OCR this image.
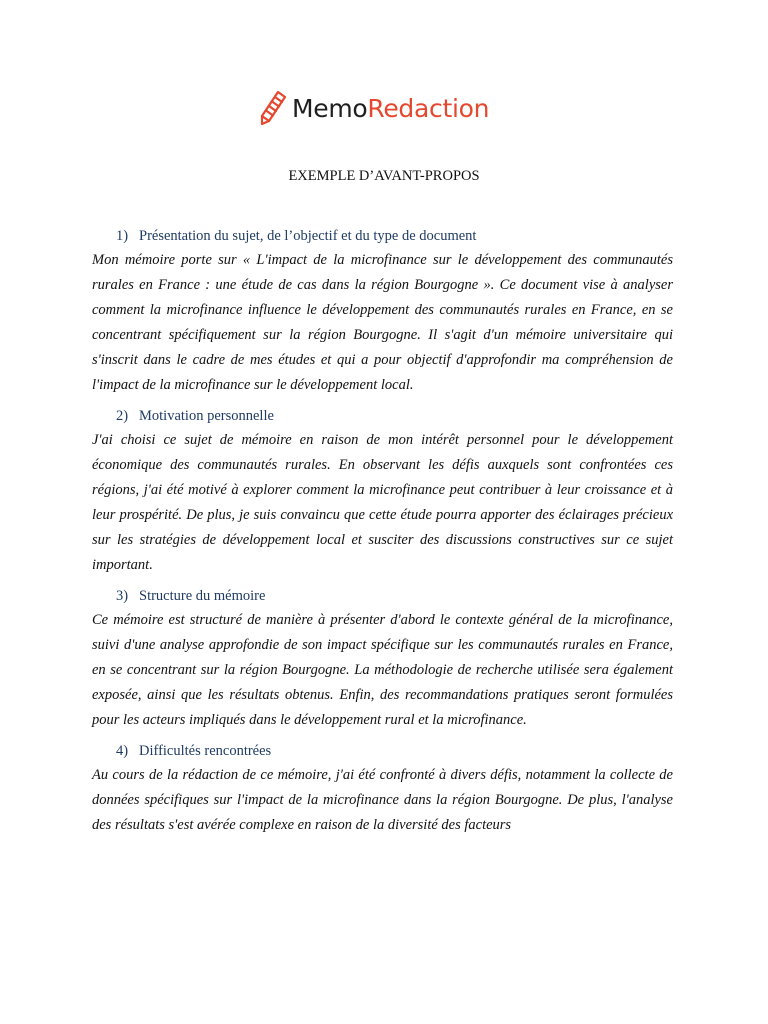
MemoRedaction
EXEMPLE D’AVANT-PROPOS
1) Présentation du sujet, de l’objectif et du type de document

Mon mémoire porte sur « L'impact de la microfinance sur le développement des communautés rurales en France : une étude de cas dans la région Bourgogne ». Ce document vise à analyser comment la microfinance influence le développement des communautés rurales en France, en se concentrant spécifiquement sur la région Bourgogne. Il s'agit d'un mémoire universitaire qui s'inscrit dans le cadre de mes études et qui a pour objectif d'approfondir ma compréhension de l'impact de la microfinance sur le développement local.

2) Motivation personnelle

J'ai choisi ce sujet de mémoire en raison de mon intérêt personnel pour le développement économique des communautés rurales. En observant les défis auxquels sont confrontées ces régions, j'ai été motivé à explorer comment la microfinance peut contribuer à leur croissance et à leur prospérité. De plus, je suis convaincu que cette étude pourra apporter des éclairages précieux sur les stratégies de développement local et susciter des discussions constructives sur ce sujet important.

3) Structure du mémoire

Ce mémoire est structuré de manière à présenter d'abord le contexte général de la microfinance, suivi d'une analyse approfondie de son impact spécifique sur les communautés rurales en France, en se concentrant sur la région Bourgogne. La méthodologie de recherche utilisée sera également exposée, ainsi que les résultats obtenus. Enfin, des recommandations pratiques seront formulées pour les acteurs impliqués dans le développement rural et la microfinance.

4) Difficultés rencontrées

Au cours de la rédaction de ce mémoire, j'ai été confronté à divers défis, notamment la collecte de données spécifiques sur l'impact de la microfinance dans la région Bourgogne. De plus, l'analyse des résultats s'est avérée complexe en raison de la diversité des facteurs
